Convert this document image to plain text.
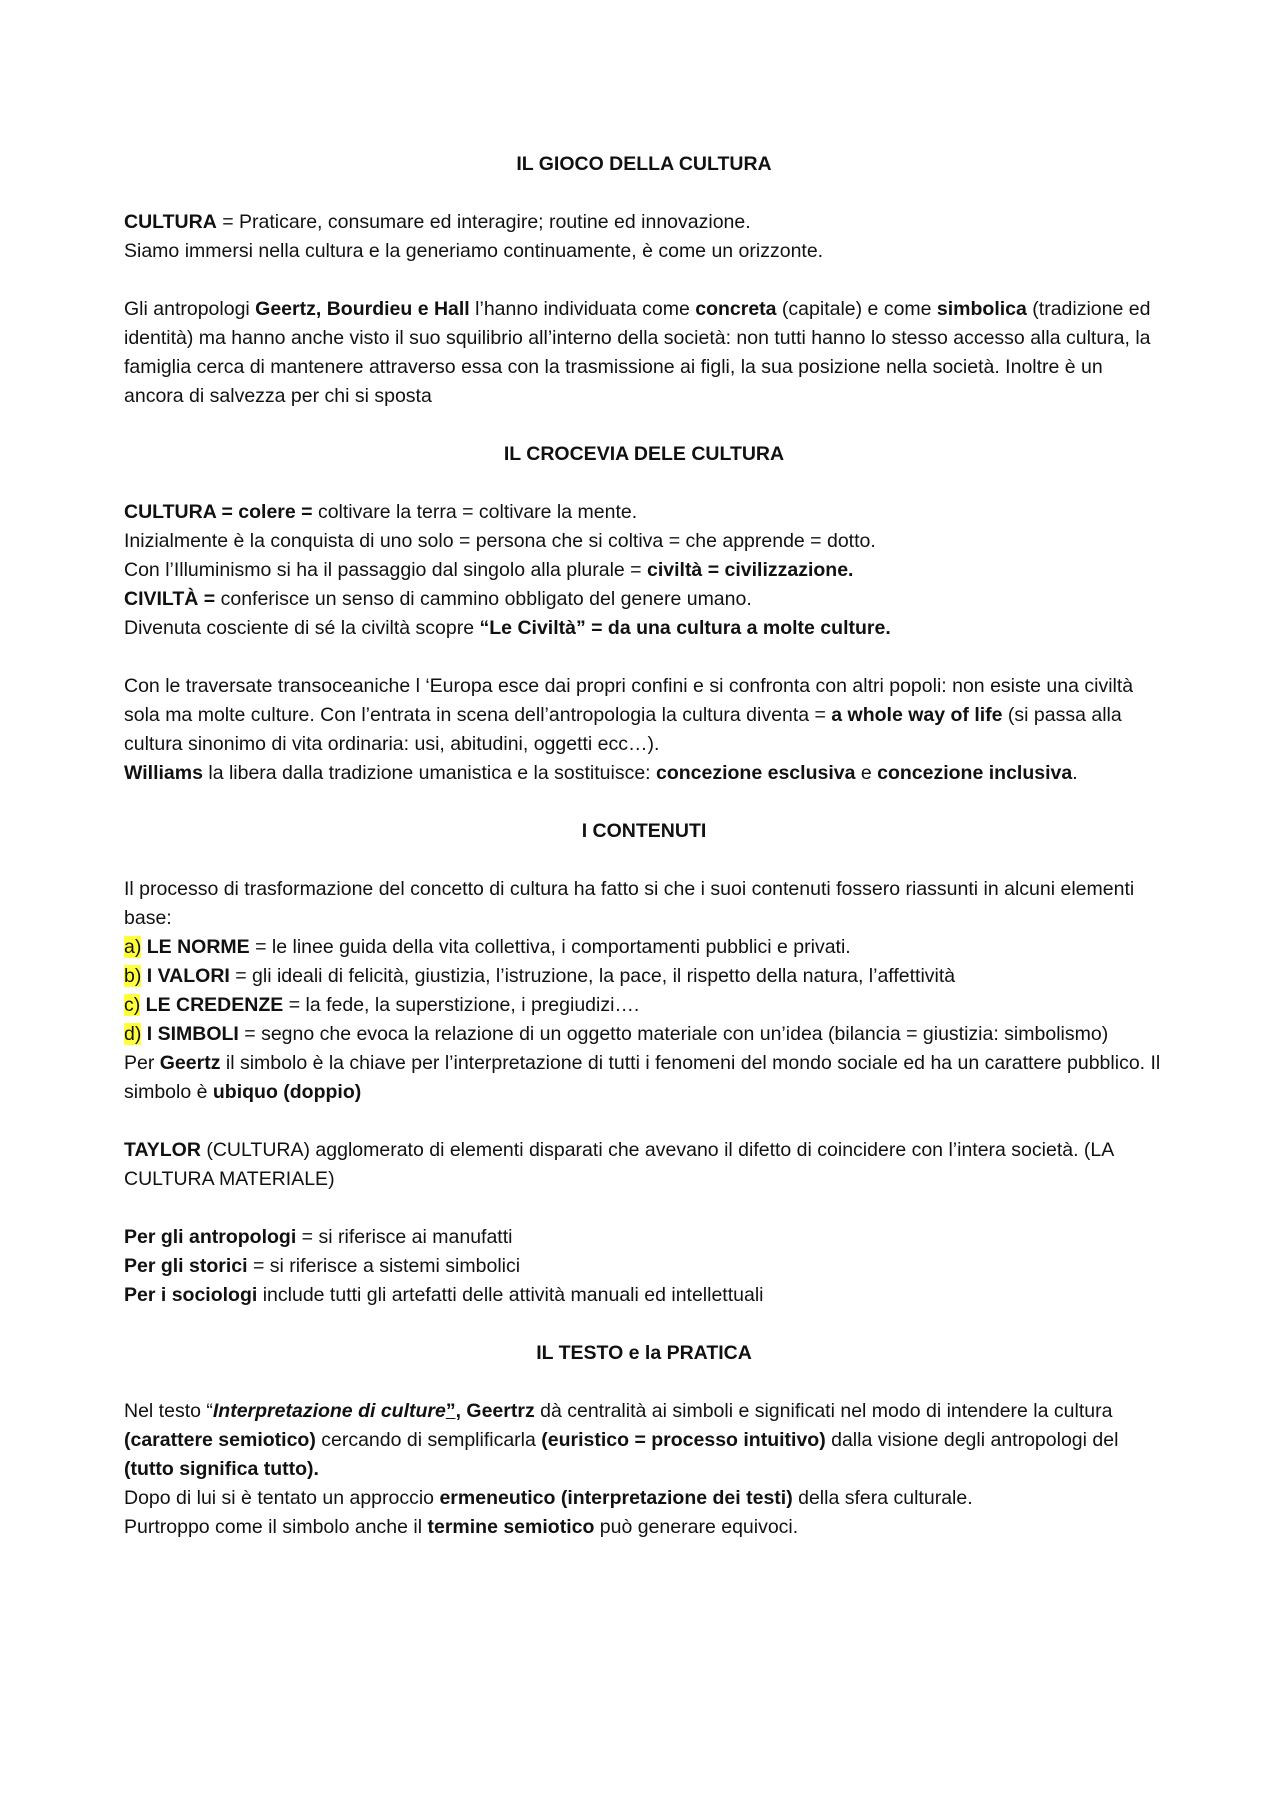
IL GIOCO DELLA CULTURA

CULTURA = Praticare, consumare ed interagire; routine ed innovazione.

Siamo immersi nella cultura e la generiamo continuamente, è come un orizzonte.

Gli antropologi Geertz, Bourdieu e Hall l’hanno individuata come concreta (capitale) e come simbolica (tradizione ed identità) ma hanno anche visto il suo squilibrio all’interno della società: non tutti hanno lo stesso accesso alla cultura, la famiglia cerca di mantenere attraverso essa con la trasmissione ai figli, la sua posizione nella società. Inoltre è un ancora di salvezza per chi si sposta

IL CROCEVIA DELE CULTURA

CULTURA = colere = coltivare la terra = coltivare la mente.

Inizialmente è la conquista di uno solo = persona che si coltiva = che apprende = dotto.

Con l’Illuminismo si ha il passaggio dal singolo alla plurale = civiltà = civilizzazione.

CIVILTÀ = conferisce un senso di cammino obbligato del genere umano.

Divenuta cosciente di sé la civiltà scopre “Le Civiltà” = da una cultura a molte culture.

Con le traversate transoceaniche l ‘Europa esce dai propri confini e si confronta con altri popoli: non esiste una civiltà sola ma molte culture. Con l’entrata in scena dell’antropologia la cultura diventa = a whole way of life (si passa alla cultura sinonimo di vita ordinaria: usi, abitudini, oggetti ecc…).

Williams la libera dalla tradizione umanistica e la sostituisce: concezione esclusiva e concezione inclusiva.

I CONTENUTI

Il processo di trasformazione del concetto di cultura ha fatto si che i suoi contenuti fossero riassunti in alcuni elementi base:

a) LE NORME = le linee guida della vita collettiva, i comportamenti pubblici e privati.

b) I VALORI = gli ideali di felicità, giustizia, l’istruzione, la pace, il rispetto della natura, l’affettività

c) LE CREDENZE = la fede, la superstizione, i pregiudizi….

d) I SIMBOLI = segno che evoca la relazione di un oggetto materiale con un’idea (bilancia = giustizia: simbolismo)

Per Geertz il simbolo è la chiave per l’interpretazione di tutti i fenomeni del mondo sociale ed ha un carattere pubblico. Il simbolo è ubiquo (doppio)

TAYLOR (CULTURA) agglomerato di elementi disparati che avevano il difetto di coincidere con l’intera società. (LA CULTURA MATERIALE)

Per gli antropologi = si riferisce ai manufatti

Per gli storici = si riferisce a sistemi simbolici

Per i sociologi include tutti gli artefatti delle attività manuali ed intellettuali

IL TESTO e la PRATICA

Nel testo “Interpretazione di culture”, Geertrz dà centralità ai simboli e significati nel modo di intendere la cultura (carattere semiotico) cercando di semplificarla (euristico = processo intuitivo) dalla visione degli antropologi del (tutto significa tutto).

Dopo di lui si è tentato un approccio ermeneutico (interpretazione dei testi) della sfera culturale.

Purtroppo come il simbolo anche il termine semiotico può generare equivoci.
